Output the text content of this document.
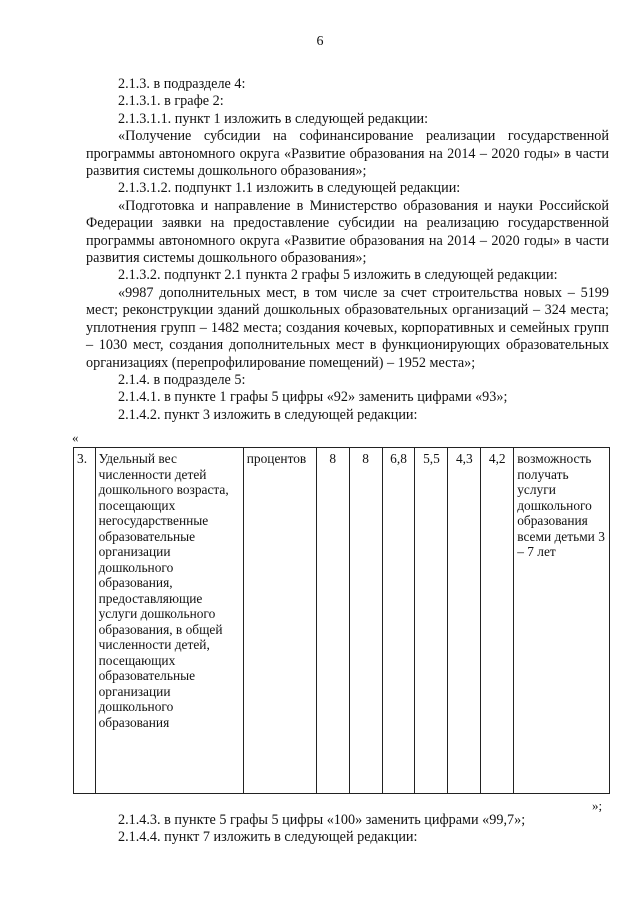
6

2.1.3. в подразделе 4:

2.1.3.1. в графе 2:

2.1.3.1.1. пункт 1 изложить в следующей редакции:

«Получение субсидии на софинансирование реализации государственной программы автономного округа «Развитие образования на 2014 – 2020 годы» в части развития системы дошкольного образования»;

2.1.3.1.2. подпункт 1.1 изложить в следующей редакции:

«Подготовка и направление в Министерство образования и науки Российской Федерации заявки на предоставление субсидии на реализацию государственной программы автономного округа «Развитие образования на 2014 – 2020 годы» в части развития системы дошкольного образования»;

2.1.3.2. подпункт 2.1 пункта 2 графы 5 изложить в следующей редакции:

«9987 дополнительных мест, в том числе за счет строительства новых – 5199 мест; реконструкции зданий дошкольных образовательных организаций – 324 места; уплотнения групп – 1482 места; создания кочевых, корпоративных и семейных групп – 1030 мест, создания дополнительных мест в функционирующих образовательных организациях (перепрофилирование помещений) – 1952 места»;

2.1.4. в подразделе 5:

2.1.4.1. в пункте 1 графы 5 цифры «92» заменить цифрами «93»;

2.1.4.2. пункт 3 изложить в следующей редакции:

«
3.	Удельный вес численности детей дошкольного возраста, посещающих негосударственные образовательные организации дошкольного образования, предоставляющие услуги дошкольного образования, в общей численности детей, посещающих образовательные организации дошкольного образования	процентов	8	8	6,8	5,5	4,3	4,2	возможность получать услуги дошкольного образования всеми детьми 3 – 7 лет
»;

2.1.4.3. в пункте 5 графы 5 цифры «100» заменить цифрами «99,7»;

2.1.4.4. пункт 7 изложить в следующей редакции:
